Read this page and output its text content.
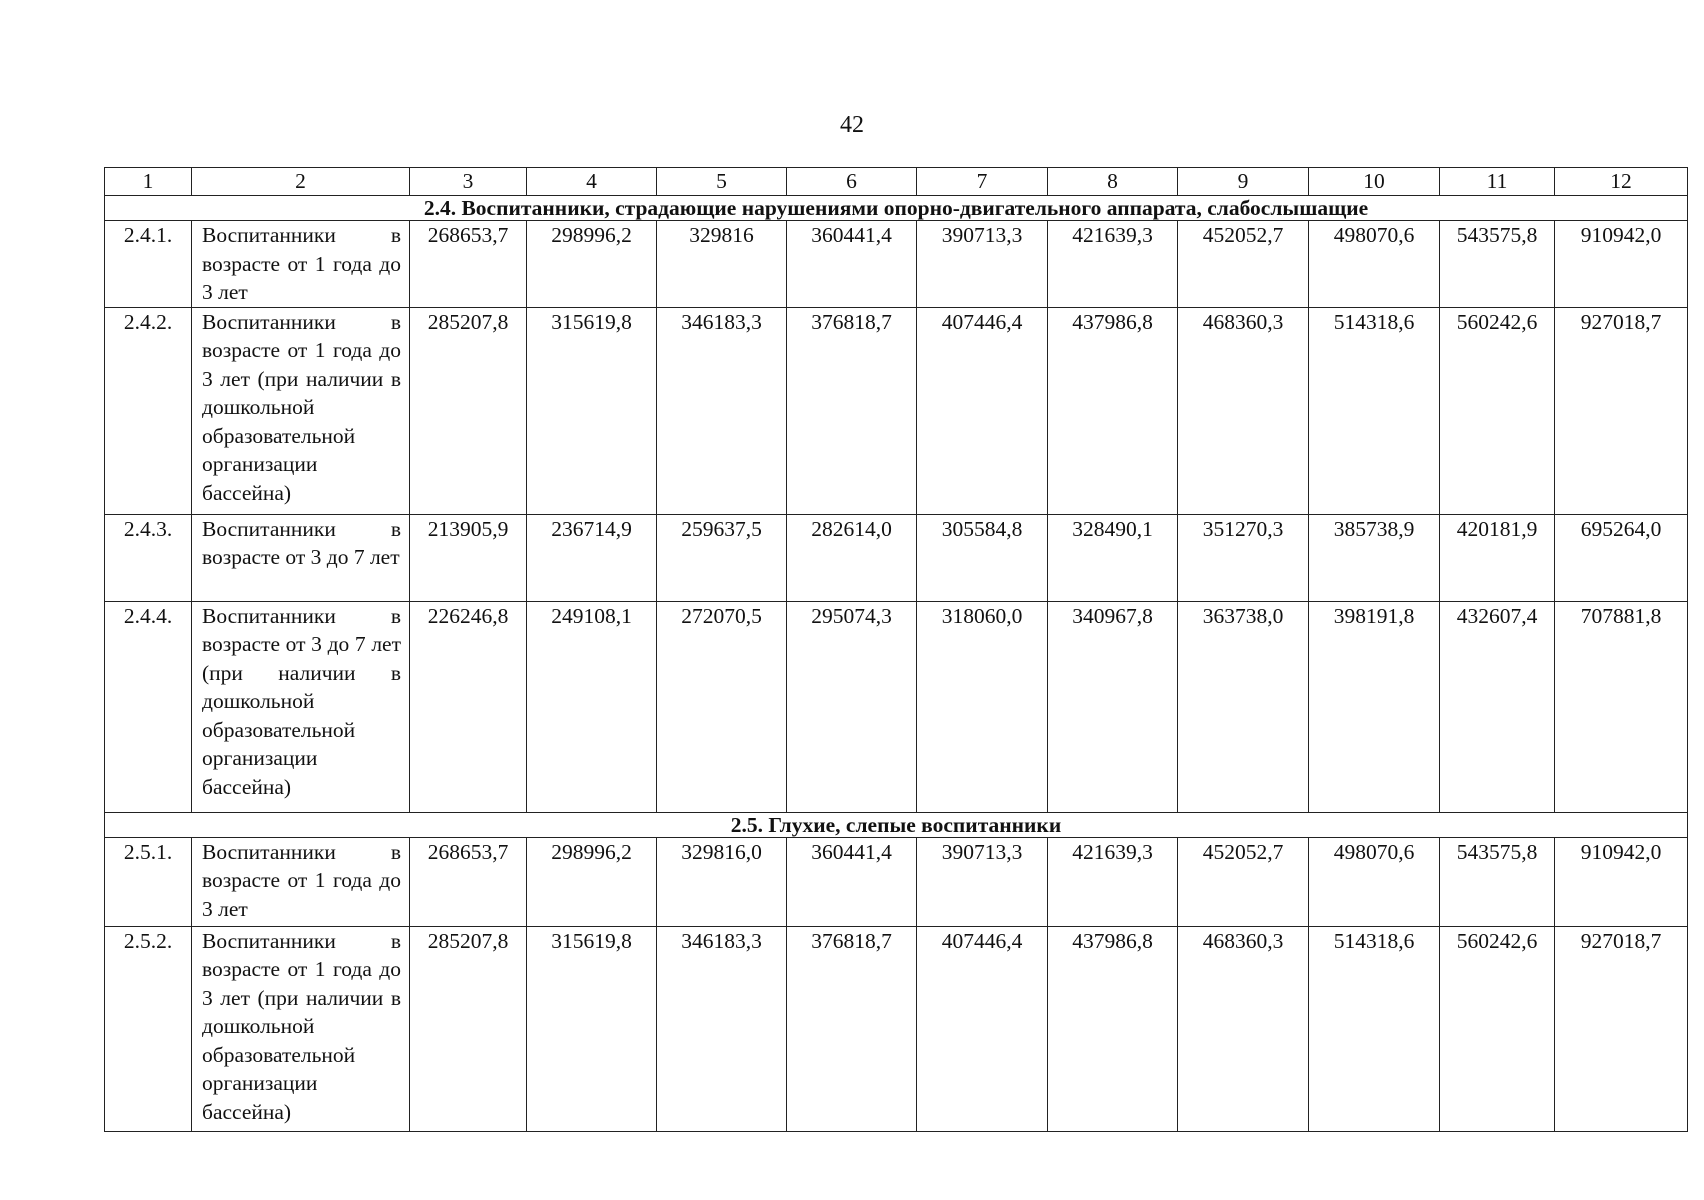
42
1	2	3	4	5	6	7	8	9	10	11	12
2.4. Воспитанники, страдающие нарушениями опорно-двигательного аппарата, слабослышащие											
2.4.1.	Воспитанники в возрасте от 1 года до 3 лет	268653,7	298996,2	329816	360441,4	390713,3	421639,3	452052,7	498070,6	543575,8	910942,0
2.4.2.	Воспитанники в возрасте от 1 года до 3 лет (при наличии в дошкольной образовательной организации бассейна)	285207,8	315619,8	346183,3	376818,7	407446,4	437986,8	468360,3	514318,6	560242,6	927018,7
2.4.3.	Воспитанники в возрасте от 3 до 7 лет	213905,9	236714,9	259637,5	282614,0	305584,8	328490,1	351270,3	385738,9	420181,9	695264,0
2.4.4.	Воспитанники в возрасте от 3 до 7 лет (при наличии в дошкольной образовательной организации бассейна)	226246,8	249108,1	272070,5	295074,3	318060,0	340967,8	363738,0	398191,8	432607,4	707881,8
2.5. Глухие, слепые воспитанники											
2.5.1.	Воспитанники в возрасте от 1 года до 3 лет	268653,7	298996,2	329816,0	360441,4	390713,3	421639,3	452052,7	498070,6	543575,8	910942,0
2.5.2.	Воспитанники в возрасте от 1 года до 3 лет (при наличии в дошкольной образовательной организации бассейна)	285207,8	315619,8	346183,3	376818,7	407446,4	437986,8	468360,3	514318,6	560242,6	927018,7
